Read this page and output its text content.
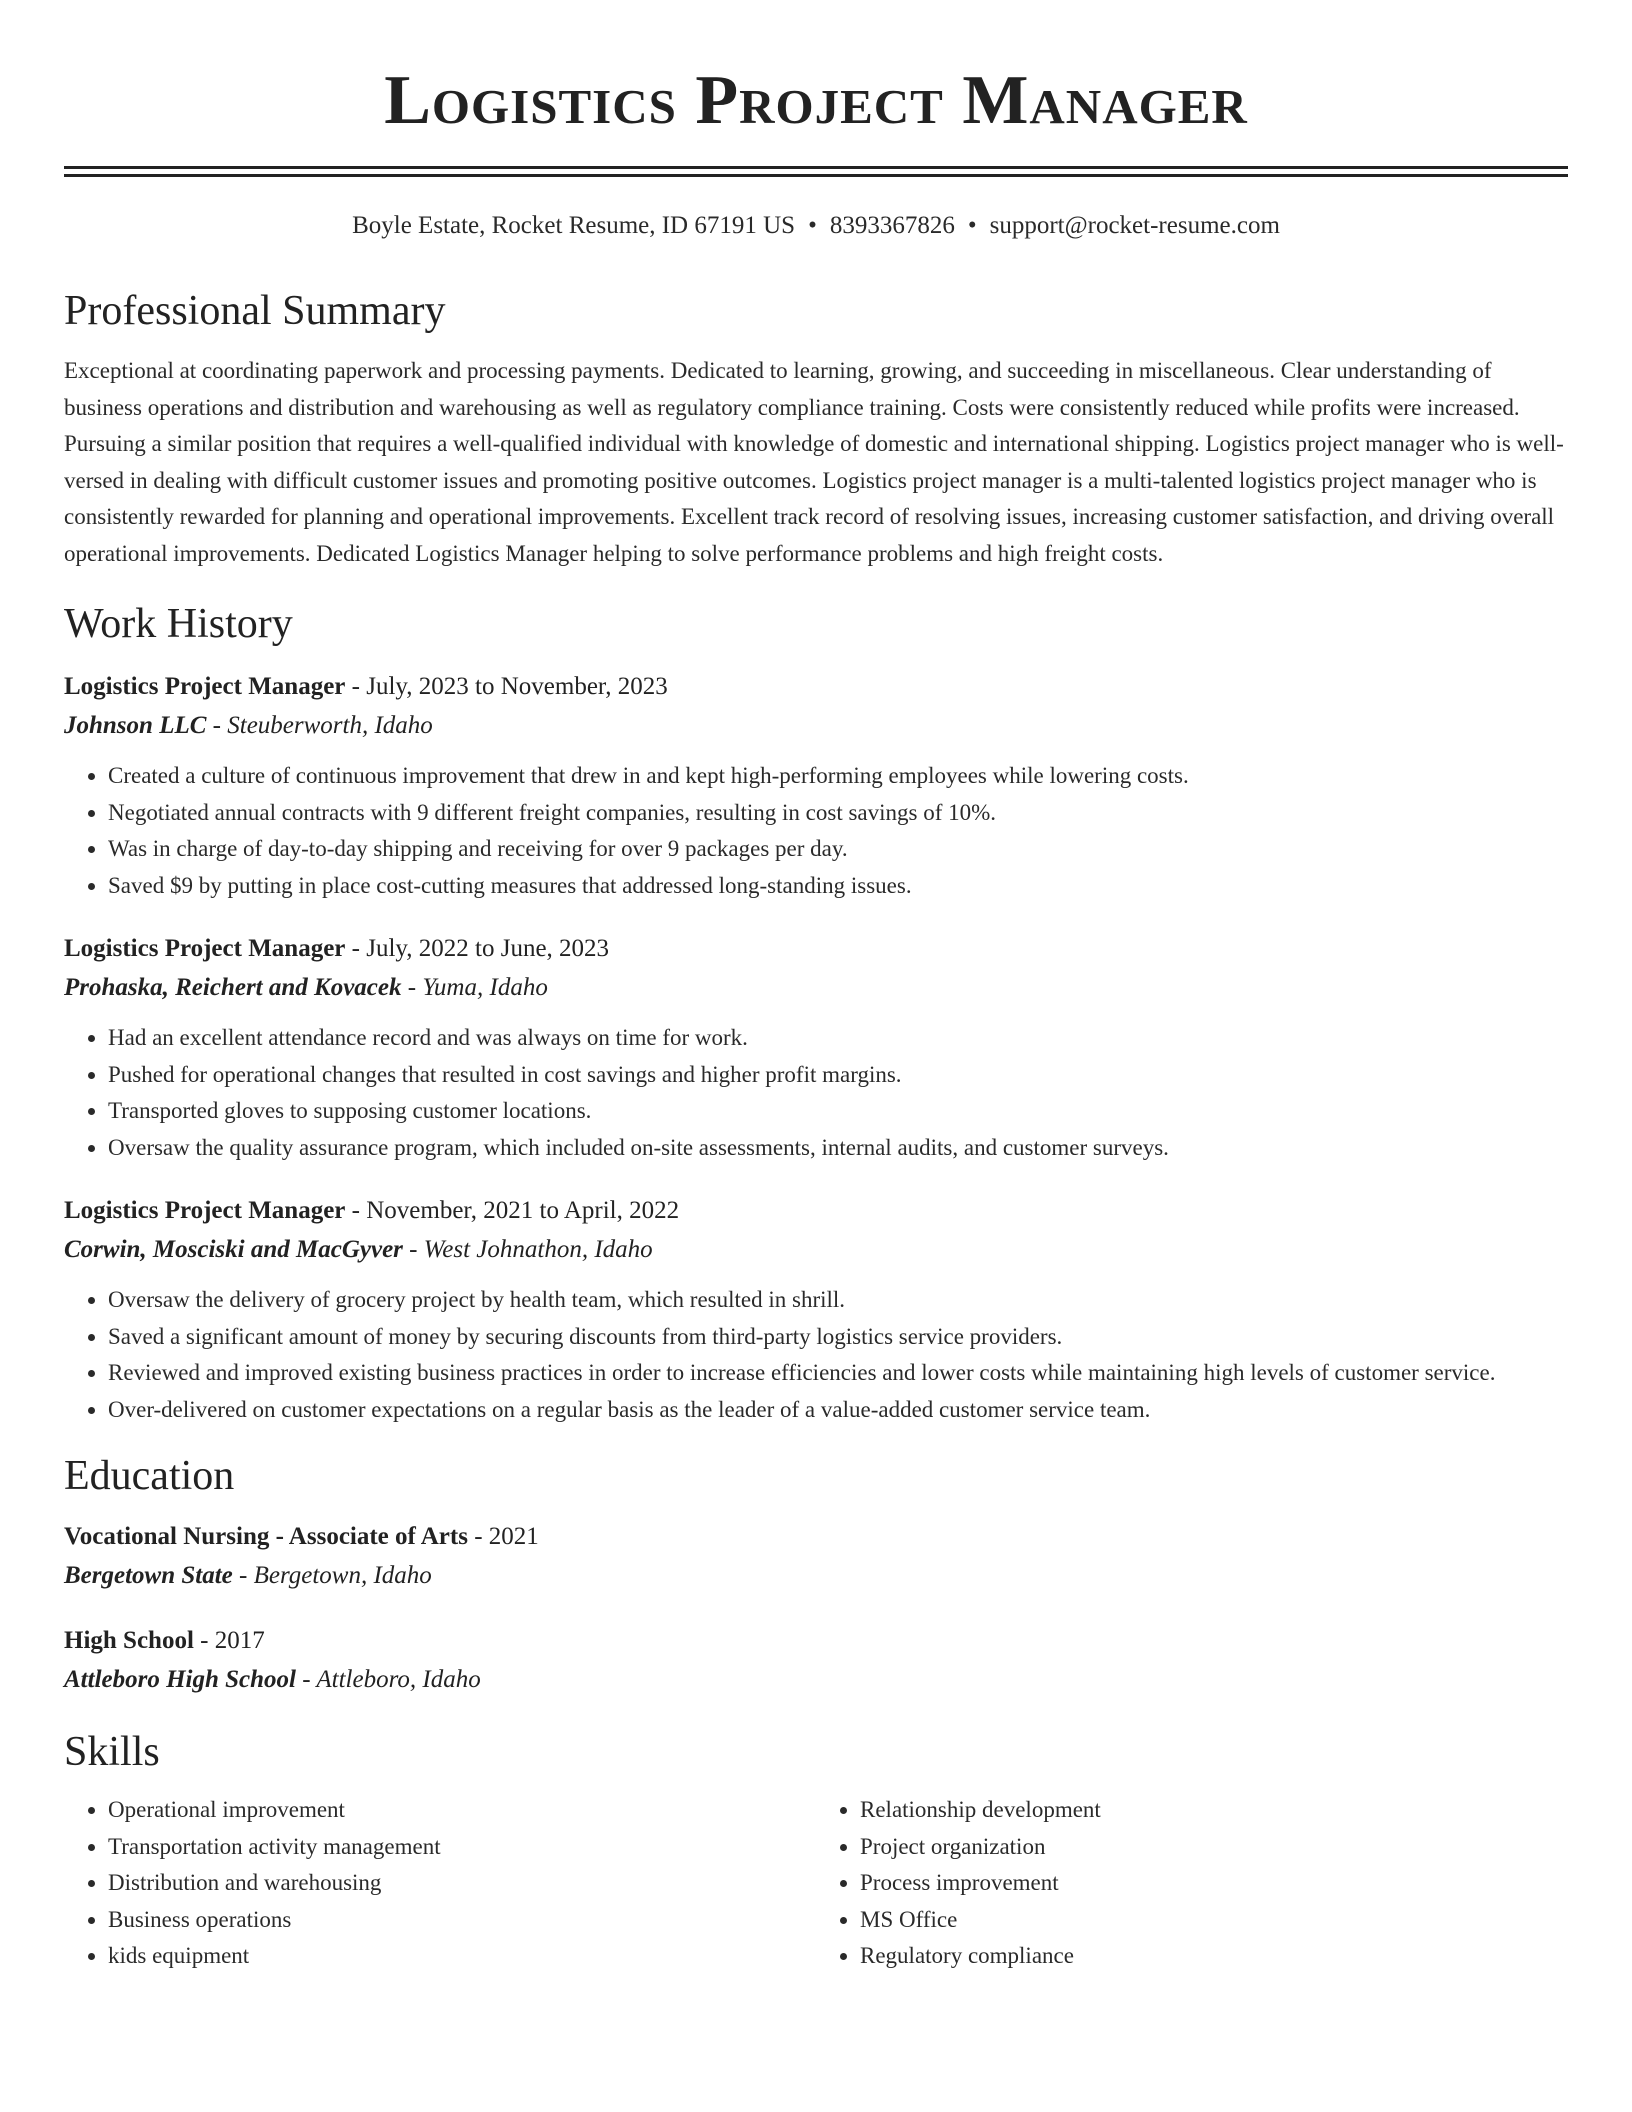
Logistics Project Manager
Boyle Estate, Rocket Resume, ID 67191 US • 8393367826 • support@rocket-resume.com
Professional Summary

Exceptional at coordinating paperwork and processing payments. Dedicated to learning, growing, and succeeding in miscellaneous. Clear understanding of business operations and distribution and warehousing as well as regulatory compliance training. Costs were consistently reduced while profits were increased. Pursuing a similar position that requires a well-qualified individual with knowledge of domestic and international shipping. Logistics project manager who is well-versed in dealing with difficult customer issues and promoting positive outcomes. Logistics project manager is a multi-talented logistics project manager who is consistently rewarded for planning and operational improvements. Excellent track record of resolving issues, increasing customer satisfaction, and driving overall operational improvements. Dedicated Logistics Manager helping to solve performance problems and high freight costs.

Work History
Logistics Project Manager - July, 2023 to November, 2023
Johnson LLC - Steuberworth, Idaho
• Created a culture of continuous improvement that drew in and kept high-performing employees while lowering costs.
• Negotiated annual contracts with 9 different freight companies, resulting in cost savings of 10%.
• Was in charge of day-to-day shipping and receiving for over 9 packages per day.
• Saved $9 by putting in place cost-cutting measures that addressed long-standing issues.
Logistics Project Manager - July, 2022 to June, 2023
Prohaska, Reichert and Kovacek - Yuma, Idaho
• Had an excellent attendance record and was always on time for work.
• Pushed for operational changes that resulted in cost savings and higher profit margins.
• Transported gloves to supposing customer locations.
• Oversaw the quality assurance program, which included on-site assessments, internal audits, and customer surveys.
Logistics Project Manager - November, 2021 to April, 2022
Corwin, Mosciski and MacGyver - West Johnathon, Idaho
• Oversaw the delivery of grocery project by health team, which resulted in shrill.
• Saved a significant amount of money by securing discounts from third-party logistics service providers.
• Reviewed and improved existing business practices in order to increase efficiencies and lower costs while maintaining high levels of customer service.
• Over-delivered on customer expectations on a regular basis as the leader of a value-added customer service team.
Education
Vocational Nursing - Associate of Arts - 2021
Bergetown State - Bergetown, Idaho
High School - 2017
Attleboro High School - Attleboro, Idaho
Skills
• Operational improvement
• Transportation activity management
• Distribution and warehousing
• Business operations
• kids equipment
• Relationship development
• Project organization
• Process improvement
• MS Office
• Regulatory compliance
